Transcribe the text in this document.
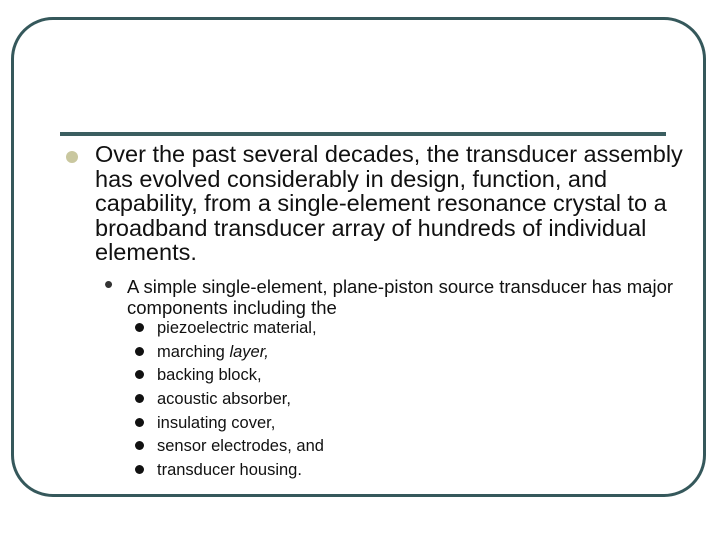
Over the past several decades, the transducer assembly has evolved considerably in design, function, and capability, from a single-element resonance crystal to a broadband transducer array of hundreds of individual elements.
• A simple single-element, plane-piston source transducer has major components including the
piezoelectric material,
marching layer,
backing block,
acoustic absorber,
insulating cover,
sensor electrodes, and
transducer housing.
